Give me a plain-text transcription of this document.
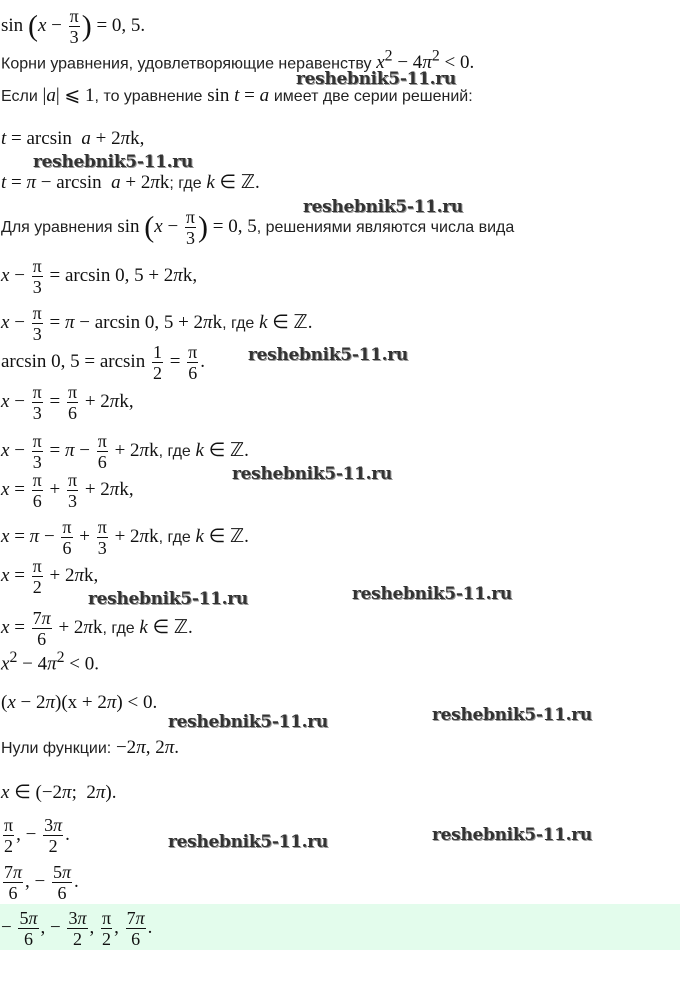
$\sin (x - \frac{\pi}{3}$ ) = 0, 5.
Корни уравнения, удовлетворяющие неравенству $x^2 - 4\pi^2 < 0$.
Если |a| ⩽ 1, то уравнение sin t = a имеет две серии решений:
t = arcsin  a + 2πk,
t = π − arcsin  a + 2πk; где k ∈ ℤ.
Для уравнения $\sin (x - \frac{\pi}{3}$ ) = 0, 5, решениями являются числа вида
$x - \frac{\pi}{3} = \arcsin 0$, 5 + 2πk,
$x - \frac{\pi}{3} = \pi - \arcsin 0$, 5 + 2πk, где k ∈ ℤ.
arcsin 0, $5 = \arcsin \frac{1}{2} = \frac{\pi}{6}$ .
$x - \frac{\pi}{3} = \frac{\pi}{6} + 2\pi k$,
$x - \frac{\pi}{3} = \pi - \frac{\pi}{6} + 2\pi k$, где k ∈ ℤ.
$x = \frac{\pi}{6} + \frac{\pi}{3} + 2\pi k$,
$x = \pi - \frac{\pi}{6} + \frac{\pi}{3} + 2\pi k$, где k ∈ ℤ.
$x = \frac{\pi}{2} + 2\pi k$,
$x = \frac{7\pi}{6} + 2\pi k$, где k ∈ ℤ.
$x^2 - 4\pi^2 < 0$.
(x − 2π)(x + 2π) < 0.
Нули функции: −2π, 2π.
x ∈ (−2π;  2π).
$\frac{\pi}{2}$ , − $\frac{3\pi}{2}$ .
$\frac{7\pi}{6}$ , − $\frac{5\pi}{6}$ .
− $\frac{5\pi}{6}$ , − $\frac{3\pi}{2}$ , $\frac{\pi}{2}$ , $\frac{7\pi}{6}$ .
reshebnik5-11.ru
reshebnik5-11.ru
reshebnik5-11.ru
reshebnik5-11.ru
reshebnik5-11.ru
reshebnik5-11.ru	reshebnik5-11.ru
reshebnik5-11.ru	reshebnik5-11.ru
reshebnik5-11.ru	reshebnik5-11.ru
